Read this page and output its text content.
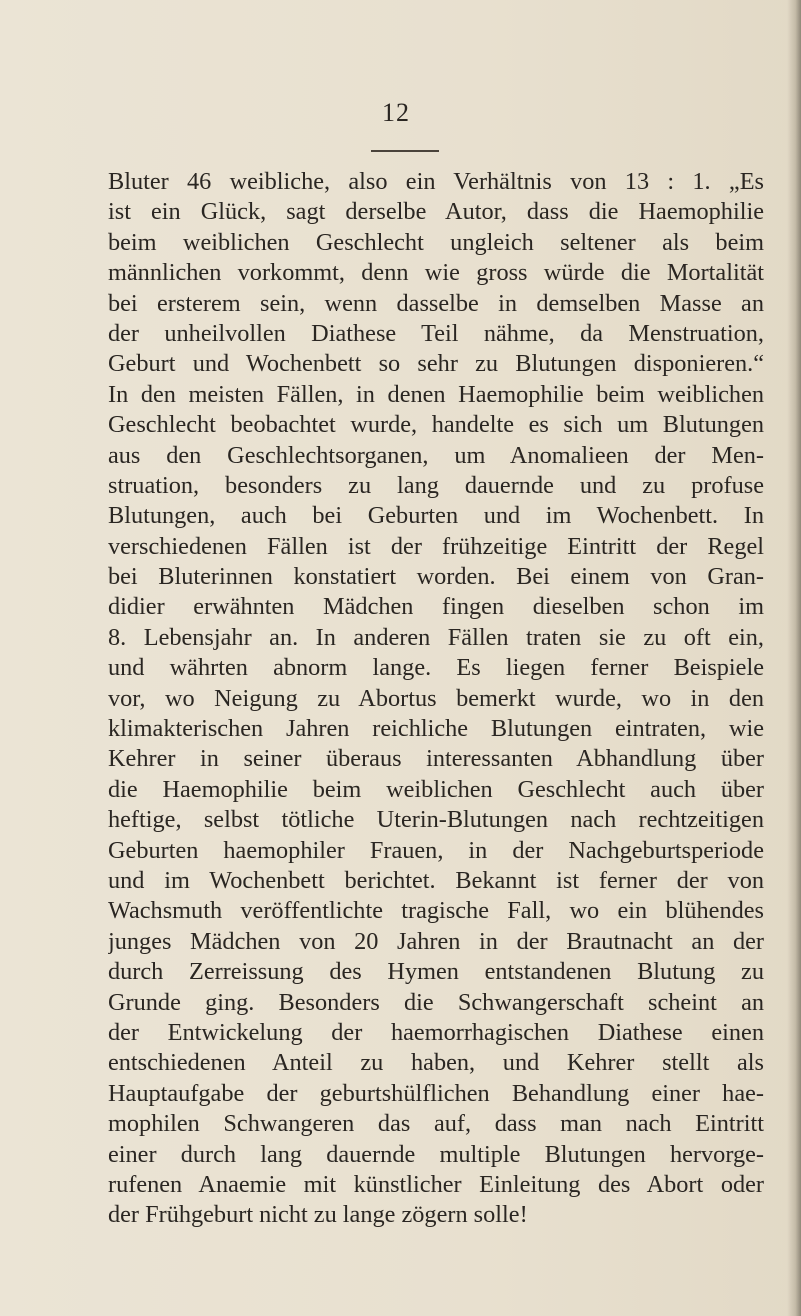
12
Bluter 46 weibliche, also ein Verhältnis von 13 : 1. „Es
ist ein Glück, sagt derselbe Autor, dass die Haemophilie
beim weiblichen Geschlecht ungleich seltener als beim
männlichen vorkommt, denn wie gross würde die Mortalität
bei ersterem sein, wenn dasselbe in demselben Masse an
der unheilvollen Diathese Teil nähme, da Menstruation,
Geburt und Wochenbett so sehr zu Blutungen disponieren.“
In den meisten Fällen, in denen Haemophilie beim weiblichen
Geschlecht beobachtet wurde, handelte es sich um Blutungen
aus den Geschlechtsorganen, um Anomalieen der Men-
struation, besonders zu lang dauernde und zu profuse
Blutungen, auch bei Geburten und im Wochenbett. In
verschiedenen Fällen ist der frühzeitige Eintritt der Regel
bei Bluterinnen konstatiert worden. Bei einem von Gran-
didier erwähnten Mädchen fingen dieselben schon im
8. Lebensjahr an. In anderen Fällen traten sie zu oft ein,
und währten abnorm lange. Es liegen ferner Beispiele
vor, wo Neigung zu Abortus bemerkt wurde, wo in den
klimakterischen Jahren reichliche Blutungen eintraten, wie
Kehrer in seiner überaus interessanten Abhandlung über
die Haemophilie beim weiblichen Geschlecht auch über
heftige, selbst tötliche Uterin-Blutungen nach rechtzeitigen
Geburten haemophiler Frauen, in der Nachgeburtsperiode
und im Wochenbett berichtet. Bekannt ist ferner der von
Wachsmuth veröffentlichte tragische Fall, wo ein blühendes
junges Mädchen von 20 Jahren in der Brautnacht an der
durch Zerreissung des Hymen entstandenen Blutung zu
Grunde ging. Besonders die Schwangerschaft scheint an
der Entwickelung der haemorrhagischen Diathese einen
entschiedenen Anteil zu haben, und Kehrer stellt als
Hauptaufgabe der geburtshülflichen Behandlung einer hae-
mophilen Schwangeren das auf, dass man nach Eintritt
einer durch lang dauernde multiple Blutungen hervorge-
rufenen Anaemie mit künstlicher Einleitung des Abort oder
der Frühgeburt nicht zu lange zögern solle!
